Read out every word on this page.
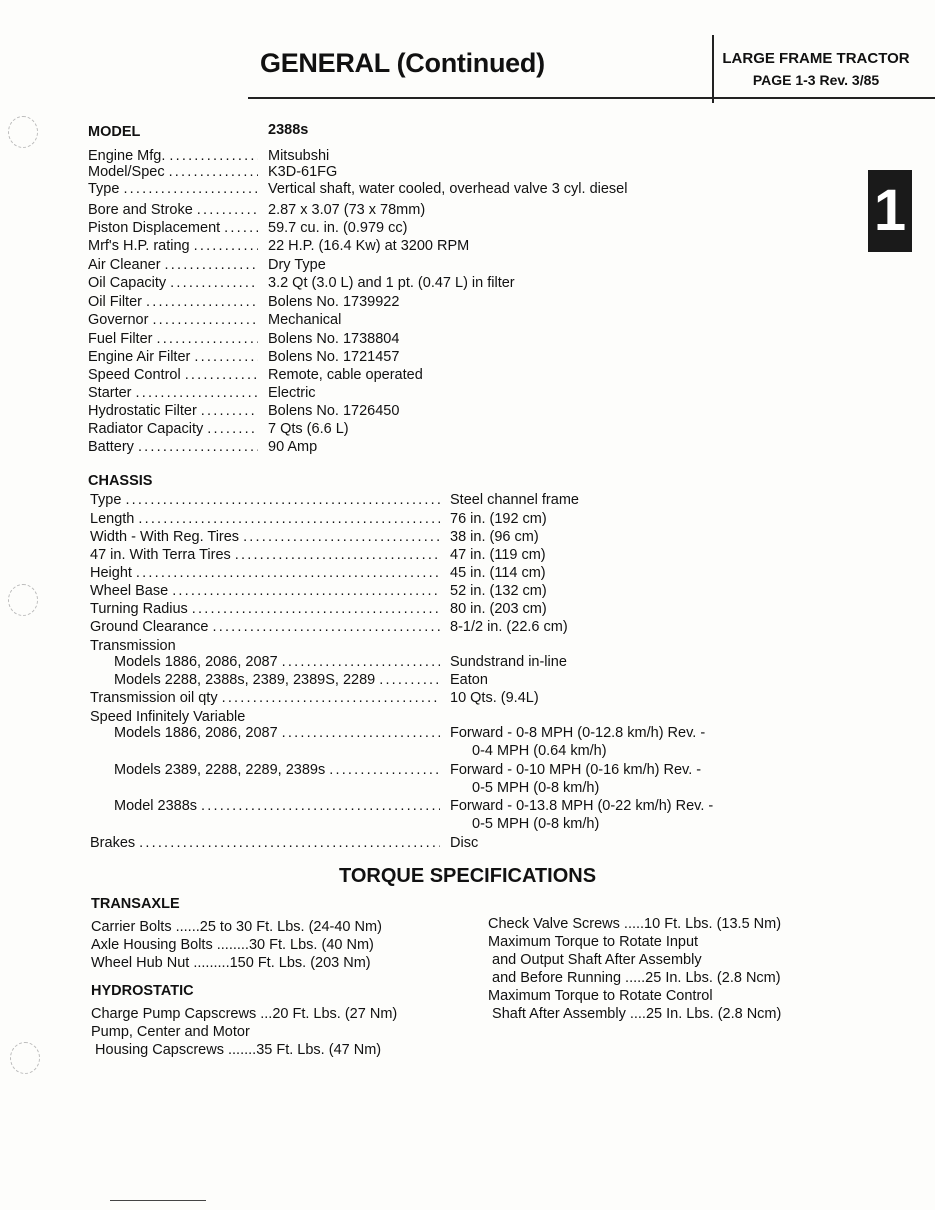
GENERAL (Continued)	LARGE FRAME TRACTOR
PAGE 1-3 Rev. 3/85
1
MODEL	2388s
Engine Mfg. .....	Mitsubshi
Model/Spec .....	K3D-61FG
Type .....	Vertical shaft, water cooled, overhead valve 3 cyl. diesel
Bore and Stroke .....	2.87 x 3.07 (73 x 78mm)
Piston Displacement .....	59.7 cu. in. (0.979 cc)
Mrf's H.P. rating .....	22 H.P. (16.4 Kw) at 3200 RPM
Air Cleaner .....	Dry Type
Oil Capacity .....	3.2 Qt (3.0 L) and 1 pt. (0.47 L) in filter
Oil Filter .....	Bolens No. 1739922
Governor .....	Mechanical
Fuel Filter .....	Bolens No. 1738804
Engine Air Filter .....	Bolens No. 1721457
Speed Control .....	Remote, cable operated
Starter .....	Electric
Hydrostatic Filter .....	Bolens No. 1726450
Radiator Capacity .....	7 Qts (6.6 L)
Battery .....	90 Amp
CHASSIS
Type .....	Steel channel frame
Length .....	76 in. (192 cm)
Width - With Reg. Tires .....	38 in. (96 cm)
47 in. With Terra Tires .....	47 in. (119 cm)
Height .....	45 in. (114 cm)
Wheel Base .....	52 in. (132 cm)
Turning Radius .....	80 in. (203 cm)
Ground Clearance .....	8-1/2 in. (22.6 cm)
Transmission
Models 1886, 2086, 2087 .....	Sundstrand in-line
Models 2288, 2388s, 2389, 2389S, 2289 .....	Eaton
Transmission oil qty .....	10 Qts. (9.4L)
Speed Infinitely Variable
Models 1886, 2086, 2087 .....	Forward - 0-8 MPH (0-12.8 km/h) Rev. -
0-4 MPH (0.64 km/h)
Models 2389, 2288, 2289, 2389s .....	Forward - 0-10 MPH (0-16 km/h) Rev. -
0-5 MPH (0-8 km/h)
Model 2388s .....	Forward - 0-13.8 MPH (0-22 km/h) Rev. -
0-5 MPH (0-8 km/h)
Brakes .....	Disc
TORQUE SPECIFICATIONS
TRANSAXLE
HYDROSTATIC
Carrier Bolts ......25 to 30 Ft. Lbs. (24-40 Nm)
Axle Housing Bolts ........30 Ft. Lbs. (40 Nm)
Wheel Hub Nut .........150 Ft. Lbs. (203 Nm)
Charge Pump Capscrews ...20 Ft. Lbs. (27 Nm)
Pump, Center and Motor
Housing Capscrews .......35 Ft. Lbs. (47 Nm)
Check Valve Screws .....10 Ft. Lbs. (13.5 Nm)
Maximum Torque to Rotate Input
and Output Shaft After Assembly
and Before Running .....25 In. Lbs. (2.8 Ncm)
Maximum Torque to Rotate Control
Shaft After Assembly ....25 In. Lbs. (2.8 Ncm)
